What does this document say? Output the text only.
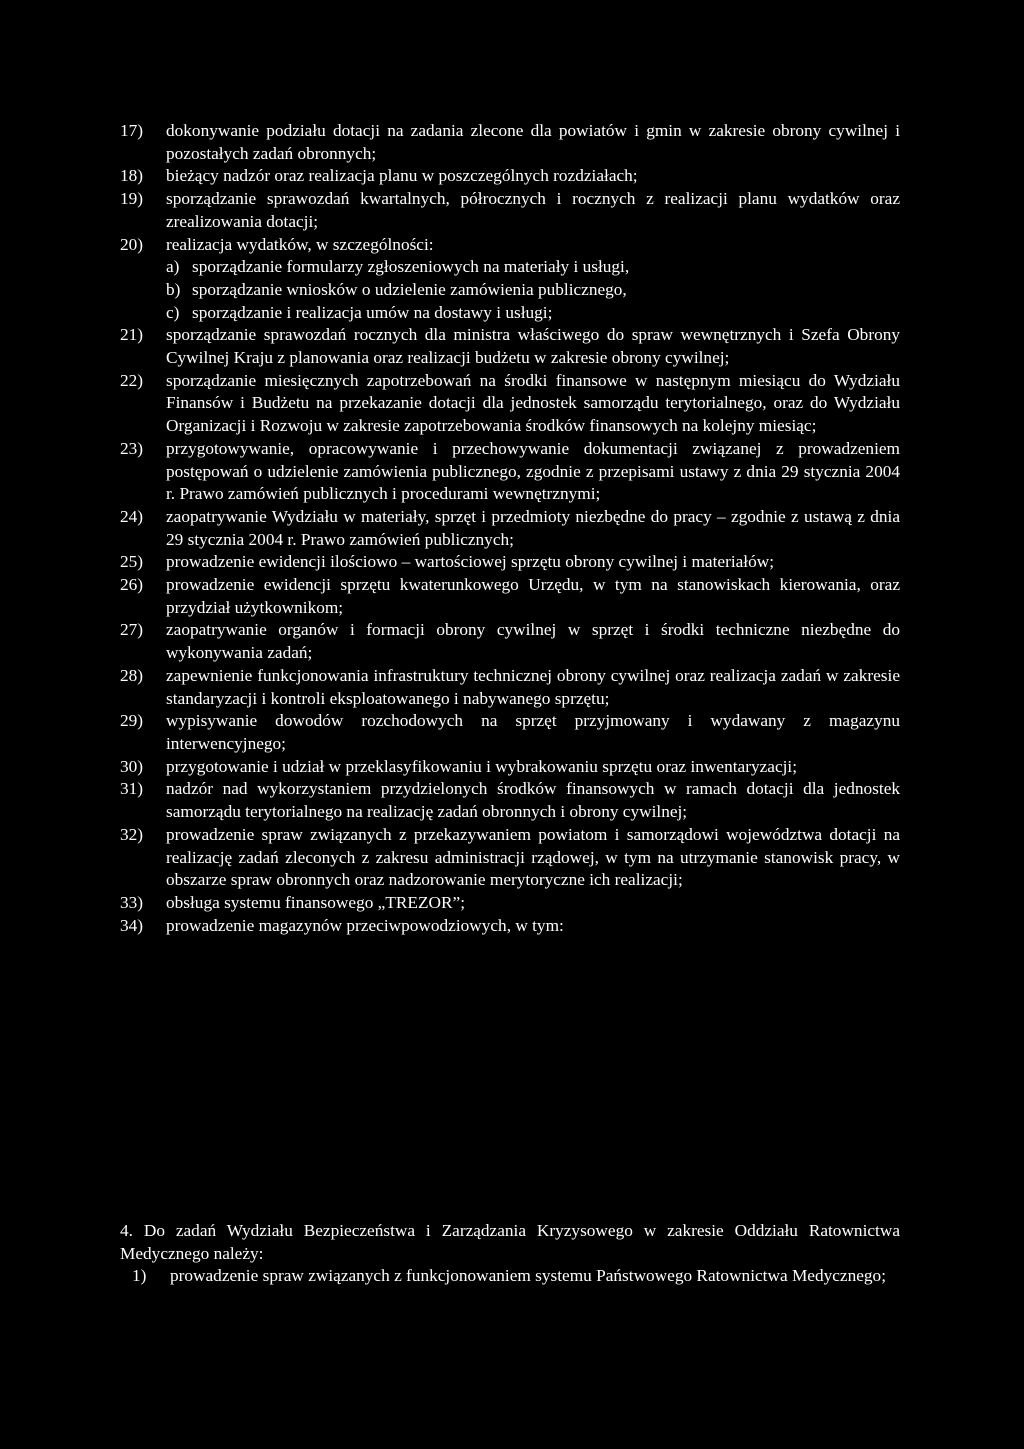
17)	dokonywanie podziału dotacji na zadania zlecone dla powiatów i gmin w zakresie obrony cywilnej i pozostałych zadań obronnych;
18)	bieżący nadzór oraz realizacja planu w poszczególnych rozdziałach;
19)	sporządzanie sprawozdań kwartalnych, półrocznych i rocznych z realizacji planu wydatków oraz zrealizowania dotacji;
20)	realizacja wydatków, w szczególności:
a) sporządzanie formularzy zgłoszeniowych na materiały i usługi,
b) sporządzanie wniosków o udzielenie zamówienia publicznego,
c) sporządzanie i realizacja umów na dostawy i usługi;
21)	sporządzanie sprawozdań rocznych dla ministra właściwego do spraw wewnętrznych i Szefa Obrony Cywilnej Kraju z planowania oraz realizacji budżetu w zakresie obrony cywilnej;
22)	sporządzanie miesięcznych zapotrzebowań na środki finansowe w następnym miesiącu do Wydziału Finansów i Budżetu na przekazanie dotacji dla jednostek samorządu terytorialnego, oraz do Wydziału Organizacji i Rozwoju w zakresie zapotrzebowania środków finansowych na kolejny miesiąc;
23)	przygotowywanie, opracowywanie i przechowywanie dokumentacji związanej z prowadzeniem postępowań o udzielenie zamówienia publicznego, zgodnie z przepisami ustawy z dnia 29 stycznia 2004 r. Prawo zamówień publicznych i procedurami wewnętrznymi;
24)	zaopatrywanie Wydziału w materiały, sprzęt i przedmioty niezbędne do pracy – zgodnie z ustawą z dnia 29 stycznia 2004 r. Prawo zamówień publicznych;
25)	prowadzenie ewidencji ilościowo – wartościowej sprzętu obrony cywilnej i materiałów;
26)	prowadzenie ewidencji sprzętu kwaterunkowego Urzędu, w tym na stanowiskach kierowania, oraz przydział użytkownikom;
27)	zaopatrywanie organów i formacji obrony cywilnej w sprzęt i środki techniczne niezbędne do wykonywania zadań;
28)	zapewnienie funkcjonowania infrastruktury technicznej obrony cywilnej oraz realizacja zadań w zakresie standaryzacji i kontroli eksploatowanego i nabywanego sprzętu;
29)	wypisywanie dowodów rozchodowych na sprzęt przyjmowany i wydawany z magazynu interwencyjnego;
30)	przygotowanie i udział w przeklasyfikowaniu i wybrakowaniu sprzętu oraz inwentaryzacji;
31)	nadzór nad wykorzystaniem przydzielonych środków finansowych w ramach dotacji dla jednostek samorządu terytorialnego na realizację zadań obronnych i obrony cywilnej;
32)	prowadzenie spraw związanych z przekazywaniem powiatom i samorządowi województwa dotacji na realizację zadań zleconych z zakresu administracji rządowej, w tym na utrzymanie stanowisk pracy, w obszarze spraw obronnych oraz nadzorowanie merytoryczne ich realizacji;
33)	obsługa systemu finansowego „TREZOR”;
34)	prowadzenie magazynów przeciwpowodziowych, w tym:

4. Do zadań Wydziału Bezpieczeństwa i Zarządzania Kryzysowego w zakresie Oddziału Ratownictwa Medycznego należy:

1)	prowadzenie spraw związanych z funkcjonowaniem systemu Państwowego Ratownictwa Medycznego;
